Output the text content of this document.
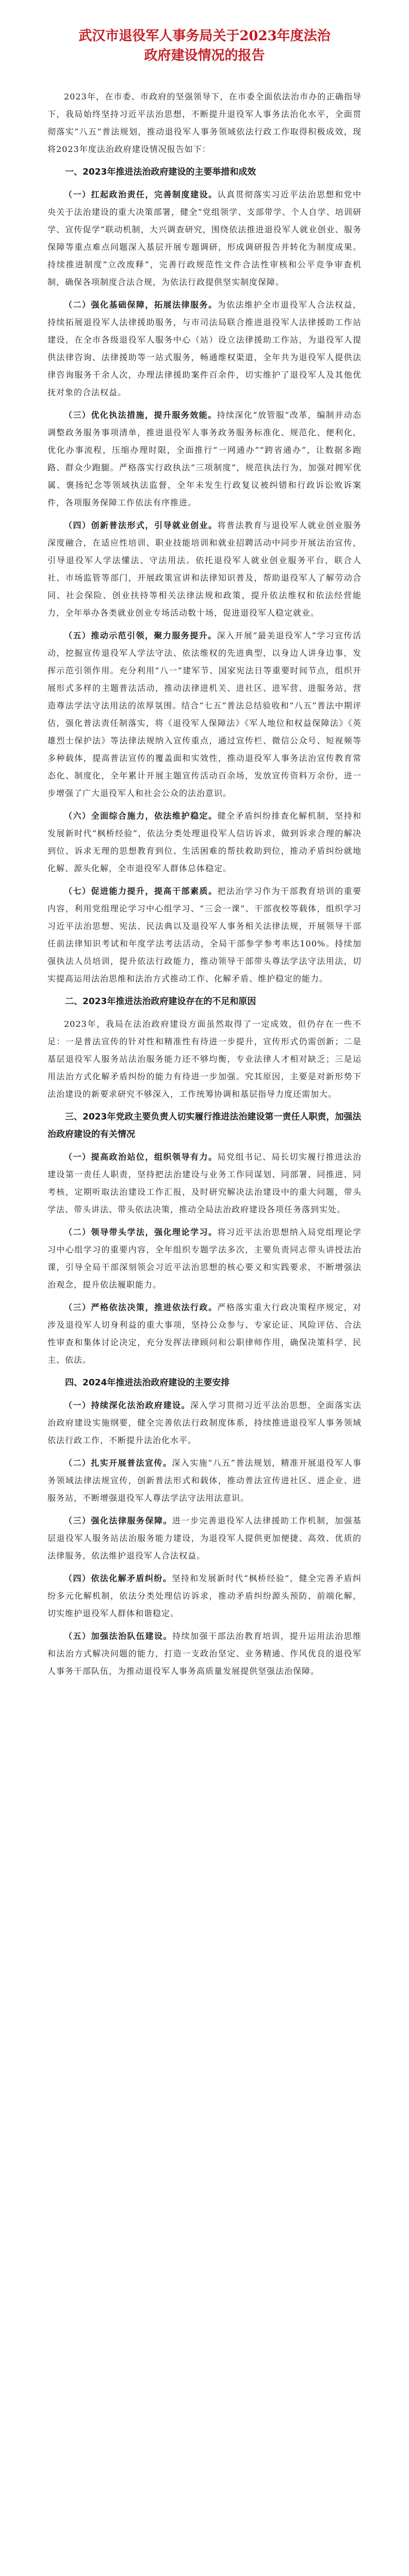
武汉市退役军人事务局关于2023年度法治
政府建设情况的报告

2023年，在市委、市政府的坚强领导下，在市委全面依法治市办的正确指导下，我局始终坚持习近平法治思想，不断提升退役军人事务法治化水平，全面贯彻落实“八五”普法规划，推动退役军人事务领域依法行政工作取得积极成效，现将2023年度法治政府建设情况报告如下：

一、2023年推进法治政府建设的主要举措和成效

（一）扛起政治责任，完善制度建设。认真贯彻落实习近平法治思想和党中央关于法治建设的重大决策部署，健全“党组领学、支部带学、个人自学、培训研学、宣传促学”联动机制，大兴调查研究，围绕依法推进退役军人就业创业、服务保障等重点难点问题深入基层开展专题调研，形成调研报告并转化为制度成果。持续推进制度“立改废释”，完善行政规范性文件合法性审核和公平竞争审查机制，确保各项制度合法合规，为依法行政提供坚实制度保障。

（二）强化基础保障，拓展法律服务。为依法维护全市退役军人合法权益，持续拓展退役军人法律援助服务，与市司法局联合推进退役军人法律援助工作站建设，在全市各级退役军人服务中心（站）设立法律援助工作站，为退役军人提供法律咨询、法律援助等一站式服务，畅通维权渠道，全年共为退役军人提供法律咨询服务千余人次，办理法律援助案件百余件，切实维护了退役军人及其他优抚对象的合法权益。

（三）优化执法措施，提升服务效能。持续深化“放管服”改革，编制并动态调整政务服务事项清单，推进退役军人事务政务服务标准化、规范化、便利化，优化办事流程，压缩办理时限，全面推行“一网通办”“跨省通办”，让数据多跑路、群众少跑腿。严格落实行政执法“三项制度”，规范执法行为，加强对拥军优属、褒扬纪念等领域执法监督，全年未发生行政复议被纠错和行政诉讼败诉案件，各项服务保障工作依法有序推进。

（四）创新普法形式，引导就业创业。将普法教育与退役军人就业创业服务深度融合，在适应性培训、职业技能培训和就业招聘活动中同步开展法治宣传，引导退役军人学法懂法、守法用法。依托退役军人就业创业服务平台，联合人社、市场监管等部门，开展政策宣讲和法律知识普及，帮助退役军人了解劳动合同、社会保险、创业扶持等相关法律法规和政策，提升依法维权和依法经营能力，全年举办各类就业创业专场活动数十场，促进退役军人稳定就业。

（五）推动示范引领，聚力服务提升。深入开展“最美退役军人”学习宣传活动，挖掘宣传退役军人学法守法、依法维权的先进典型，以身边人讲身边事，发挥示范引领作用。充分利用“八一”建军节、国家宪法日等重要时间节点，组织开展形式多样的主题普法活动，推动法律进机关、进社区、进军营、进服务站，营造尊法学法守法用法的浓厚氛围。结合“七五”普法总结验收和“八五”普法中期评估，强化普法责任制落实，将《退役军人保障法》《军人地位和权益保障法》《英雄烈士保护法》等法律法规纳入宣传重点，通过宣传栏、微信公众号、短视频等多种载体，提高普法宣传的覆盖面和实效性，推动退役军人事务法治宣传教育常态化、制度化，全年累计开展主题宣传活动百余场，发放宣传资料万余份，进一步增强了广大退役军人和社会公众的法治意识。

（六）全面综合施力，依法维护稳定。健全矛盾纠纷排查化解机制，坚持和发展新时代“枫桥经验”，依法分类处理退役军人信访诉求，做到诉求合理的解决到位、诉求无理的思想教育到位、生活困难的帮扶救助到位，推动矛盾纠纷就地化解、源头化解，全市退役军人群体总体稳定。

（七）促进能力提升，提高干部素质。把法治学习作为干部教育培训的重要内容，利用党组理论学习中心组学习、“三会一课”、干部夜校等载体，组织学习习近平法治思想、宪法、民法典以及退役军人事务相关法律法规，开展领导干部任前法律知识考试和年度学法考法活动，全局干部参学参考率达100%。持续加强执法人员培训，提升依法行政能力，推动领导干部带头尊法学法守法用法，切实提高运用法治思维和法治方式推动工作、化解矛盾、维护稳定的能力。

二、2023年推进法治政府建设存在的不足和原因

2023年，我局在法治政府建设方面虽然取得了一定成效，但仍存在一些不足：一是普法宣传的针对性和精准性有待进一步提升，宣传形式仍需创新；二是基层退役军人服务站法治服务能力还不够均衡，专业法律人才相对缺乏；三是运用法治方式化解矛盾纠纷的能力有待进一步加强。究其原因，主要是对新形势下法治建设的新要求研究不够深入，工作统筹协调和基层指导力度还需加大。

三、2023年党政主要负责人切实履行推进法治建设第一责任人职责，加强法治政府建设的有关情况

（一）提高政治站位，组织领导有力。局党组书记、局长切实履行推进法治建设第一责任人职责，坚持把法治建设与业务工作同谋划、同部署、同推进、同考核，定期听取法治建设工作汇报，及时研究解决法治建设中的重大问题，带头学法、带头讲法、带头依法决策，推动全局法治政府建设各项任务落到实处。

（二）领导带头学法，强化理论学习。将习近平法治思想纳入局党组理论学习中心组学习的重要内容，全年组织专题学法多次，主要负责同志带头讲授法治课，引导全局干部深刻领会习近平法治思想的核心要义和实践要求，不断增强法治观念，提升依法履职能力。

（三）严格依法决策，推进依法行政。严格落实重大行政决策程序规定，对涉及退役军人切身利益的重大事项，坚持公众参与、专家论证、风险评估、合法性审查和集体讨论决定，充分发挥法律顾问和公职律师作用，确保决策科学、民主、依法。

四、2024年推进法治政府建设的主要安排

（一）持续深化法治政府建设。深入学习贯彻习近平法治思想，全面落实法治政府建设实施纲要，健全完善依法行政制度体系，持续推进退役军人事务领域依法行政工作，不断提升法治化水平。

（二）扎实开展普法宣传。深入实施“八五”普法规划，精准开展退役军人事务领域法律法规宣传，创新普法形式和载体，推动普法宣传进社区、进企业、进服务站，不断增强退役军人尊法学法守法用法意识。

（三）强化法律服务保障。进一步完善退役军人法律援助工作机制，加强基层退役军人服务站法治服务能力建设，为退役军人提供更加便捷、高效、优质的法律服务，依法维护退役军人合法权益。

（四）依法化解矛盾纠纷。坚持和发展新时代“枫桥经验”，健全完善矛盾纠纷多元化解机制，依法分类处理信访诉求，推动矛盾纠纷源头预防、前端化解，切实维护退役军人群体和谐稳定。

（五）加强法治队伍建设。持续加强干部法治教育培训，提升运用法治思维和法治方式解决问题的能力，打造一支政治坚定、业务精通、作风优良的退役军人事务干部队伍，为推动退役军人事务高质量发展提供坚强法治保障。
